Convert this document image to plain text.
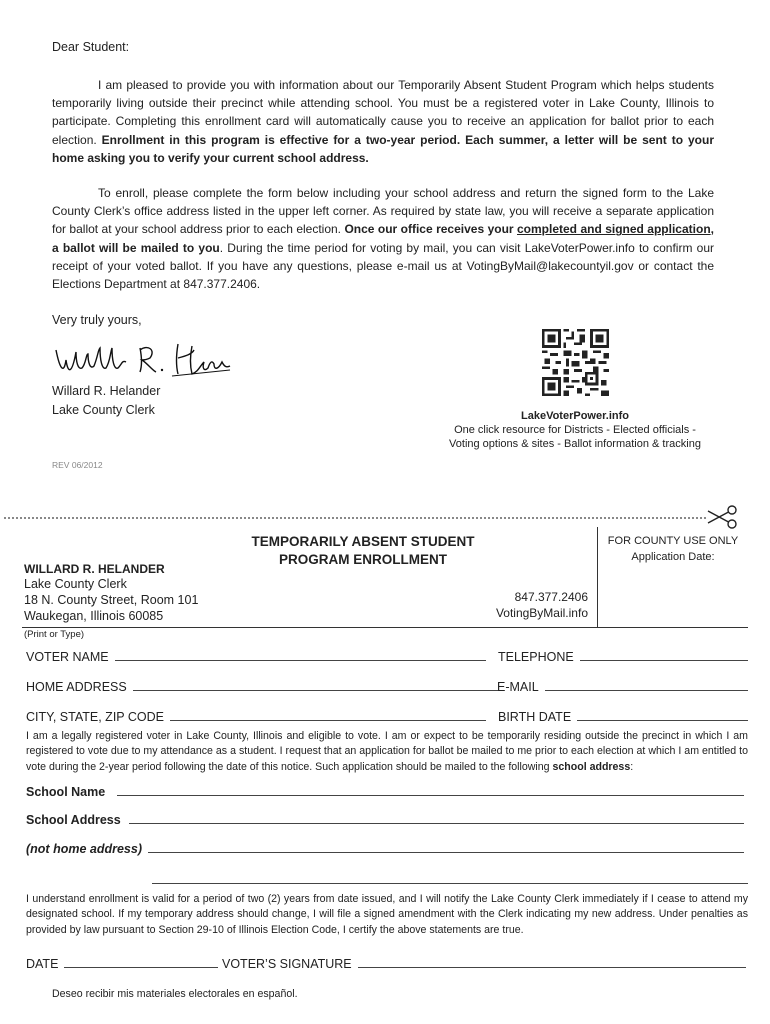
Dear Student:
I am pleased to provide you with information about our Temporarily Absent Student Program which helps students temporarily living outside their precinct while attending school. You must be a registered voter in Lake County, Illinois to participate. Completing this enrollment card will automatically cause you to receive an application for ballot prior to each election. Enrollment in this program is effective for a two-year period. Each summer, a letter will be sent to your home asking you to verify your current school address.
To enroll, please complete the form below including your school address and return the signed form to the Lake County Clerk’s office address listed in the upper left corner. As required by state law, you will receive a separate application for ballot at your school address prior to each election. Once our office receives your completed and signed application, a ballot will be mailed to you. During the time period for voting by mail, you can visit LakeVoterPower.info to confirm our receipt of your voted ballot. If you have any questions, please e-mail us at VotingByMail@lakecountyil.gov or contact the Elections Department at 847.377.2406.
Very truly yours,
Willard R. Helander
Lake County Clerk
REV 06/2012
LakeVoterPower.info
One click resource for Districts - Elected officials -
Voting options & sites - Ballot information & tracking
TEMPORARILY ABSENT STUDENT
PROGRAM ENROLLMENT
WILLARD R. HELANDER
Lake County Clerk
18 N. County Street, Room 101
Waukegan, Illinois 60085
847.377.2406
VotingByMail.info
FOR COUNTY USE ONLY
Application Date:
(Print or Type)
VOTER NAME	TELEPHONE
HOME ADDRESS	E-MAIL
CITY, STATE, ZIP CODE	BIRTH DATE
I am a legally registered voter in Lake County, Illinois and eligible to vote. I am or expect to be temporarily residing outside the precinct in which I am registered to vote due to my attendance as a student. I request that an application for ballot be mailed to me prior to each election at which I am entitled to vote during the 2-year period following the date of this notice. Such application should be mailed to the following school address:
School Name
School Address
(not home address)
I understand enrollment is valid for a period of two (2) years from date issued, and I will notify the Lake County Clerk immediately if I cease to attend my designated school. If my temporary address should change, I will file a signed amendment with the Clerk indicating my new address. Under penalties as provided by law pursuant to Section 29-10 of Illinois Election Code, I certify the above statements are true.
DATE	VOTER’S SIGNATURE
Deseo recibir mis materiales electorales en español.
